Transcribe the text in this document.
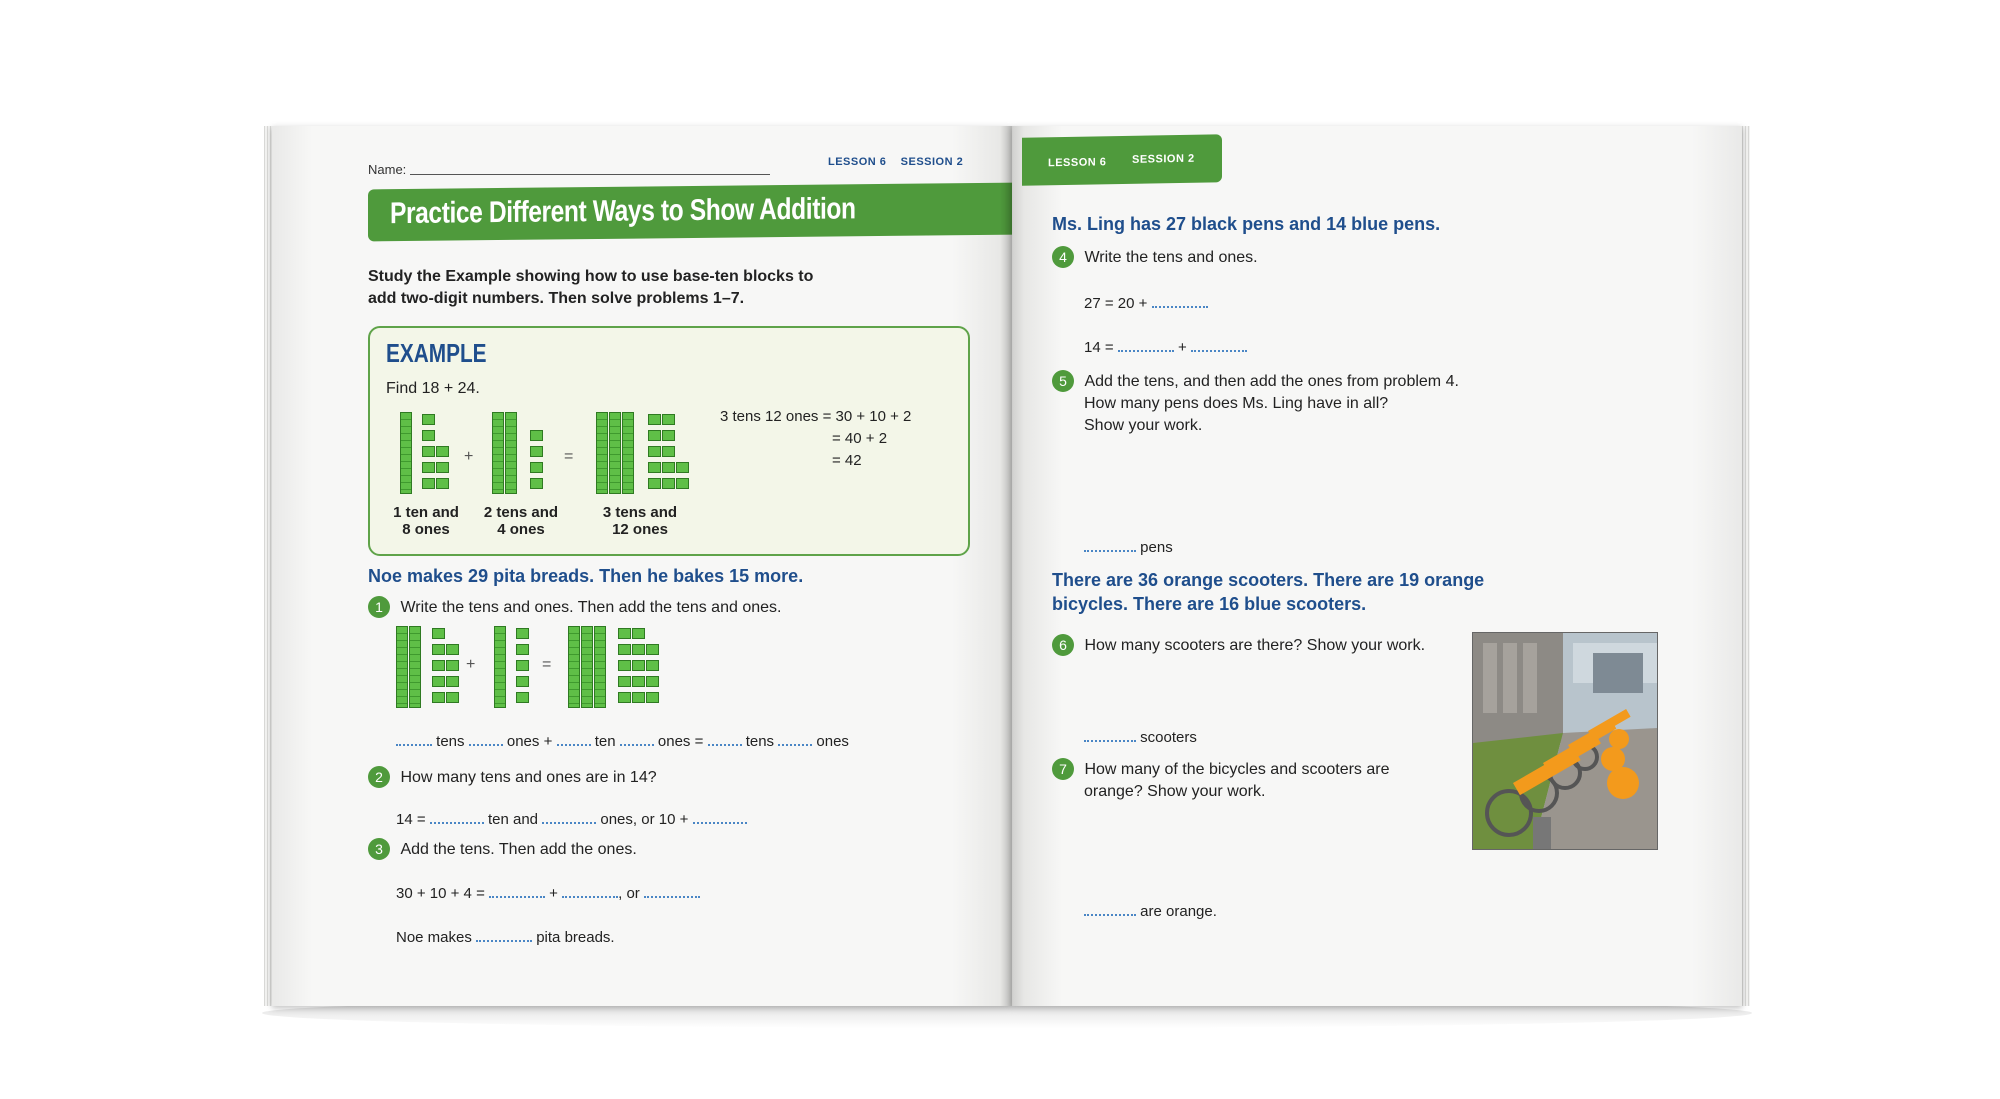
Name:	LESSON 6 SESSION 2
Practice Different Ways to Show Addition
Study the Example showing how to use base-ten blocks to
add two-digit numbers. Then solve problems 1–7.
EXAMPLE
Find 18 + 24.
+	=
1 ten and
8 ones
2 tens and
4 ones
3 tens and
12 ones
3 tens 12 ones = 30 + 10 + 2
= 40 + 2
= 42
Noe makes 29 pita breads. Then he bakes 15 more.
1 Write the tens and ones. Then add the tens and ones.
+	=
tens	ones +	ten	ones =	tens	ones
2 How many tens and ones are in 14?
14 =	ten and	ones, or 10 +
3 Add the tens. Then add the ones.
30 + 10 + 4 =	+	, or
Noe makes	pita breads.
LESSON 6 SESSION 2
Ms. Ling has 27 black pens and 14 blue pens.
4 Write the tens and ones.
27 = 20 +
14 =	+
5 Add the tens, and then add the ones from problem 4.
How many pens does Ms. Ling have in all?
Show your work.
pens
There are 36 orange scooters. There are 19 orange
bicycles. There are 16 blue scooters.
6 How many scooters are there? Show your work.
scooters
7 How many of the bicycles and scooters are
orange? Show your work.
are orange.
